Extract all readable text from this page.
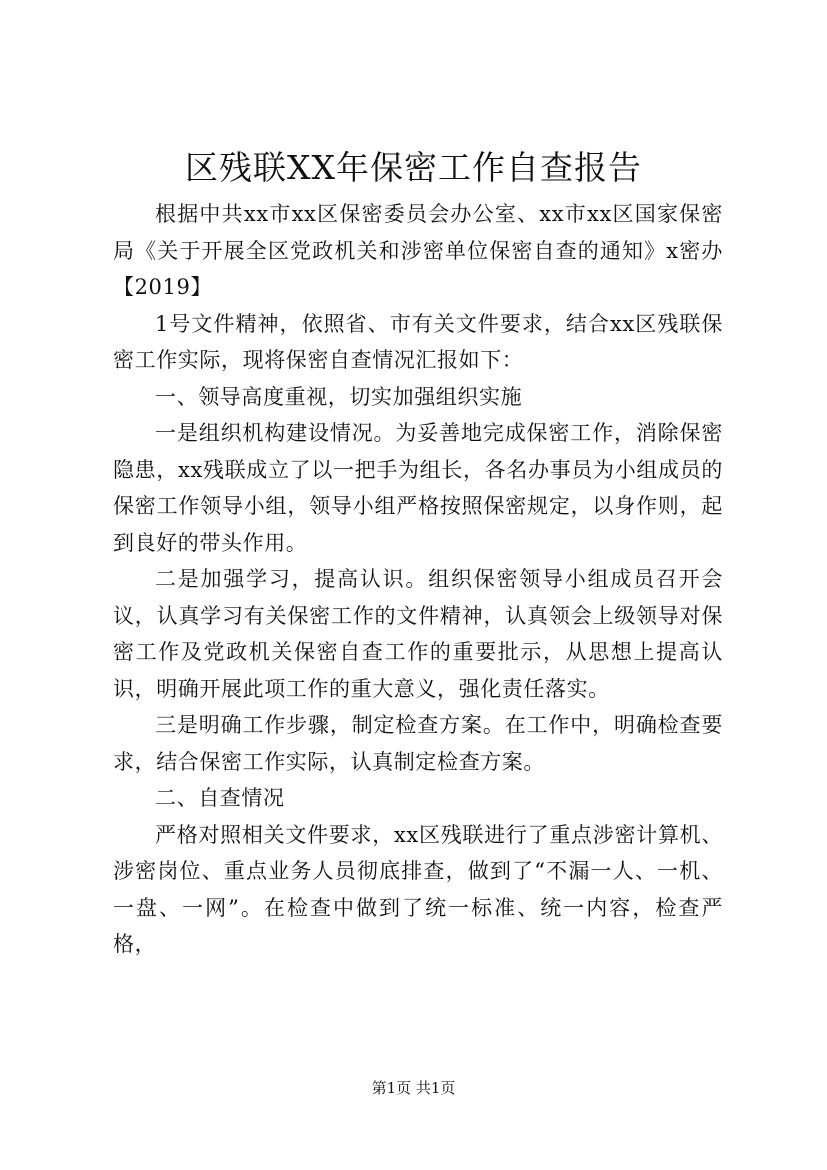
区残联XX年保密工作自查报告

根据中共xx市xx区保密委员会办公室、xx市xx区国家保密局《关于开展全区党政机关和涉密单位保密自查的通知》x密办【2019】

1号文件精神，依照省、市有关文件要求，结合xx区残联保密工作实际，现将保密自查情况汇报如下：

一、领导高度重视，切实加强组织实施

一是组织机构建设情况。为妥善地完成保密工作，消除保密隐患，xx残联成立了以一把手为组长，各名办事员为小组成员的保密工作领导小组，领导小组严格按照保密规定，以身作则，起到良好的带头作用。

二是加强学习，提高认识。组织保密领导小组成员召开会议，认真学习有关保密工作的文件精神，认真领会上级领导对保密工作及党政机关保密自查工作的重要批示，从思想上提高认识，明确开展此项工作的重大意义，强化责任落实。

三是明确工作步骤，制定检查方案。在工作中，明确检查要求，结合保密工作实际，认真制定检查方案。

二、自查情况

严格对照相关文件要求，xx区残联进行了重点涉密计算机、涉密岗位、重点业务人员彻底排查，做到了“不漏一人、一机、一盘、一网”。在检查中做到了统一标准、统一内容，检查严格，

第1页 共1页
